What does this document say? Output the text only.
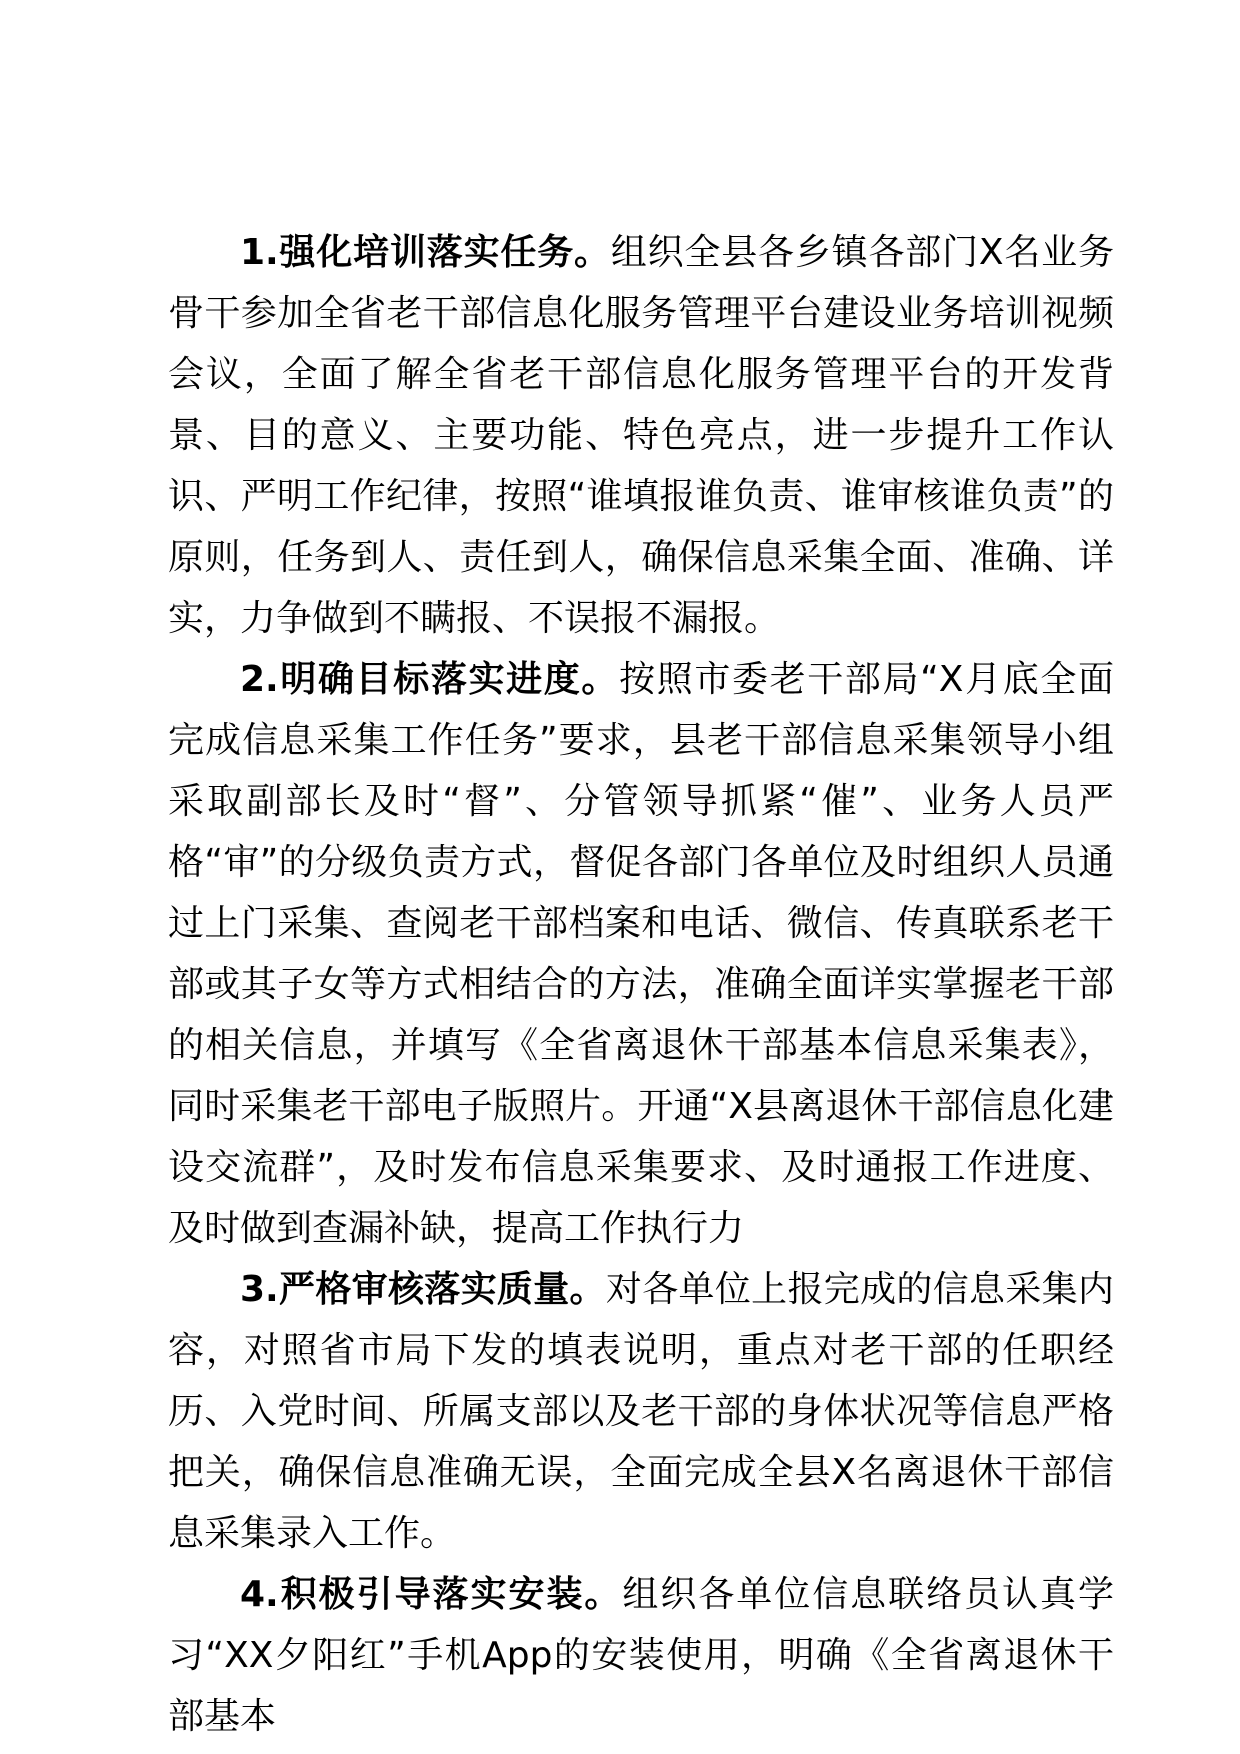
1.强化培训落实任务。组织全县各乡镇各部门X名业务骨干参加全省老干部信息化服务管理平台建设业务培训视频会议，全面了解全省老干部信息化服务管理平台的开发背景、目的意义、主要功能、特色亮点，进一步提升工作认识、严明工作纪律，按照“谁填报谁负责、谁审核谁负责”的原则，任务到人、责任到人，确保信息采集全面、准确、详实，力争做到不瞒报、不误报不漏报。

2.明确目标落实进度。按照市委老干部局“X月底全面完成信息采集工作任务”要求，县老干部信息采集领导小组采取副部长及时“督”、分管领导抓紧“催”、业务人员严格“审”的分级负责方式，督促各部门各单位及时组织人员通过上门采集、查阅老干部档案和电话、微信、传真联系老干部或其子女等方式相结合的方法，准确全面详实掌握老干部的相关信息，并填写《全省离退休干部基本信息采集表》，同时采集老干部电子版照片。开通“X县离退休干部信息化建设交流群”，及时发布信息采集要求、及时通报工作进度、及时做到查漏补缺，提高工作执行力

3.严格审核落实质量。对各单位上报完成的信息采集内容，对照省市局下发的填表说明，重点对老干部的任职经历、入党时间、所属支部以及老干部的身体状况等信息严格把关，确保信息准确无误，全面完成全县X名离退休干部信息采集录入工作。

4.积极引导落实安装。组织各单位信息联络员认真学习“XX夕阳红”手机App的安装使用，明确《全省离退休干部基本
